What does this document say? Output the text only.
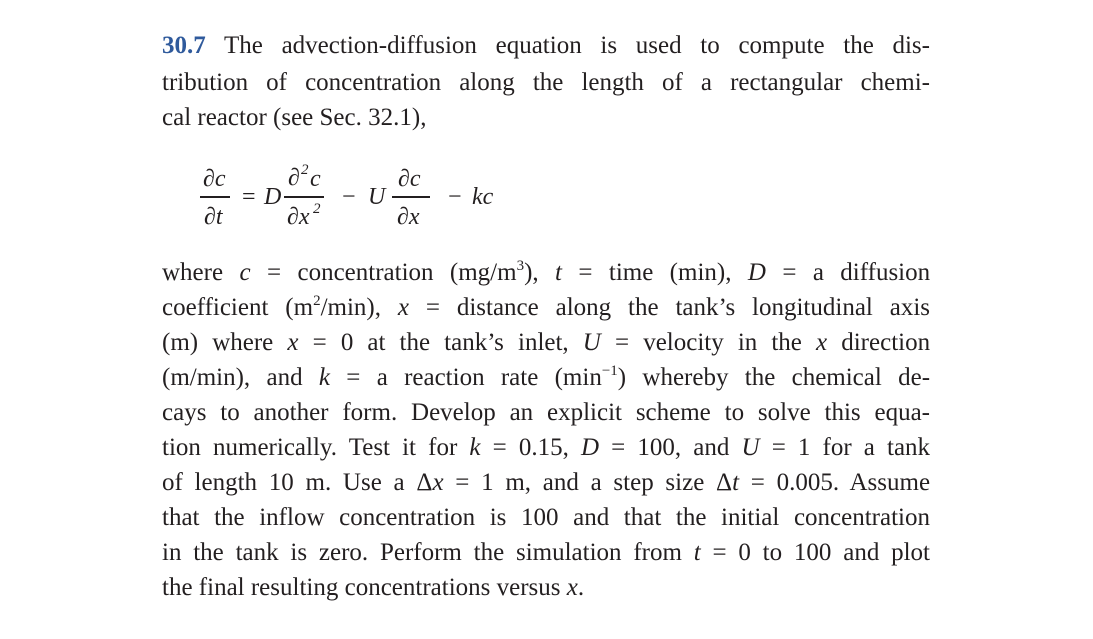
30.7 The advection-diffusion equation is used to compute the dis-
tribution of concentration along the length of a rectangular chemi-
cal reactor (see Sec. 32.1),
∂c
∂t
= D
∂ 2 c
∂x 2 − U
∂c
∂x
− kc
where c = concentration $(mg/m^3)$, t = time (min), D = a diffusion
coefficient $(m^2/\min)$, x = distance along the tank’s longitudinal axis
(m) where x = 0 at the tank’s inlet, U = velocity in the x direction
(m/min), and k = a reaction rate $(\min^{-1})$ whereby the chemical de-
cays to another form. Develop an explicit scheme to solve this equa-
tion numerically. Test it for k = 0.15, D = 100, and U = 1 for a tank
of length 10 m. Use a Δx = 1 m, and a step size Δt = 0.005. Assume
that the inflow concentration is 100 and that the initial concentration
in the tank is zero. Perform the simulation from t = 0 to 100 and plot
the final resulting concentrations versus x.
